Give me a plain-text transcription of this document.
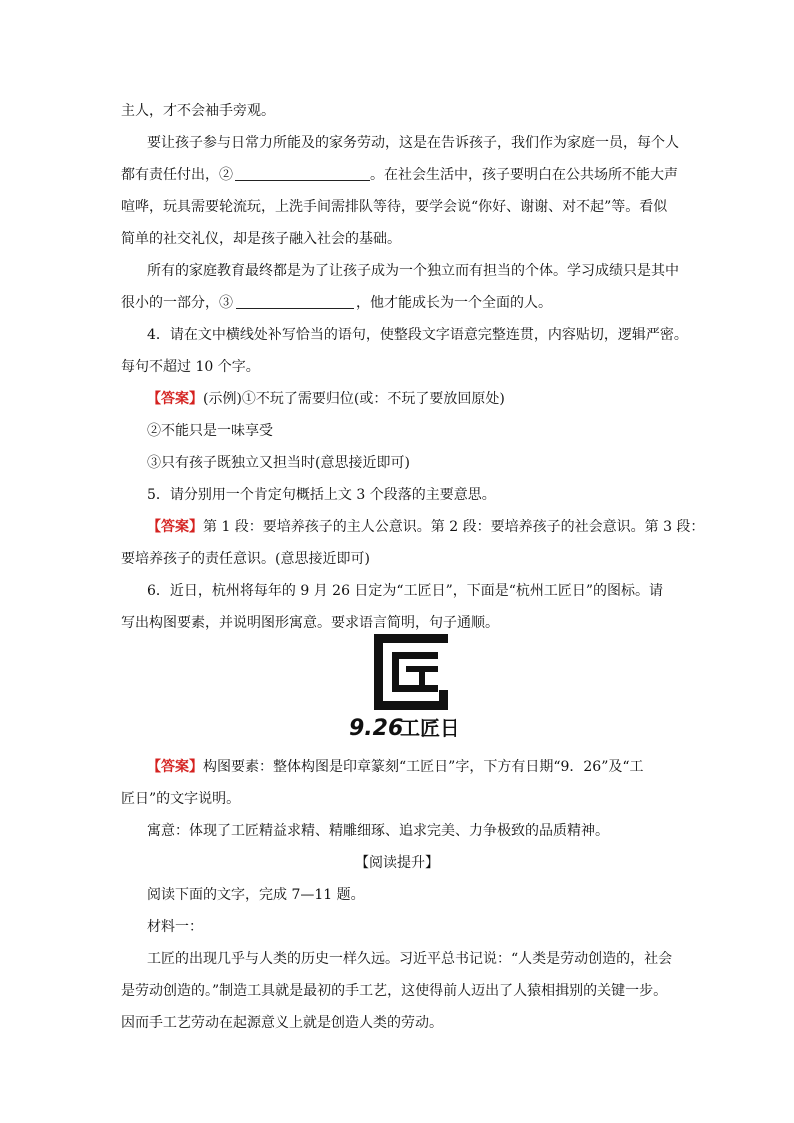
主人，才不会袖手旁观。
要让孩子参与日常力所能及的家务劳动，这是在告诉孩子，我们作为家庭一员，每个人
都有责任付出，②	。在社会生活中，孩子要明白在公共场所不能大声
喧哗，玩具需要轮流玩，上洗手间需排队等待，要学会说“你好、谢谢、对不起”等。看似
简单的社交礼仪，却是孩子融入社会的基础。
所有的家庭教育最终都是为了让孩子成为一个独立而有担当的个体。学习成绩只是其中
很小的一部分，③	，他才能成长为一个全面的人。
4．请在文中横线处补写恰当的语句，使整段文字语意完整连贯，内容贴切，逻辑严密。
每句不超过 10 个字。
【答案】 (示例)①不玩了需要归位(或：不玩了要放回原处)
②不能只是一味享受
③只有孩子既独立又担当时(意思接近即可)
5．请分别用一个肯定句概括上文 3 个段落的主要意思。
【答案】 第 1 段：要培养孩子的主人公意识。第 2 段：要培养孩子的社会意识。第 3 段：
要培养孩子的责任意识。(意思接近即可)
6．近日，杭州将每年的 9 月 26 日定为“工匠日”，下面是“杭州工匠日”的图标。请
写出构图要素，并说明图形寓意。要求语言简明，句子通顺。
9.26
工匠日
【答案】 构图要素：整体构图是印章篆刻“工匠日”字，下方有日期“9．26”及“工
匠日”的文字说明。
寓意：体现了工匠精益求精、精雕细琢、追求完美、力争极致的品质精神。
【阅读提升】
阅读下面的文字，完成 7—11 题。
材料一：
工匠的出现几乎与人类的历史一样久远。习近平总书记说：“人类是劳动创造的，社会
是劳动创造的。”制造工具就是最初的手工艺，这使得前人迈出了人猿相揖别的关键一步。
因而手工艺劳动在起源意义上就是创造人类的劳动。
